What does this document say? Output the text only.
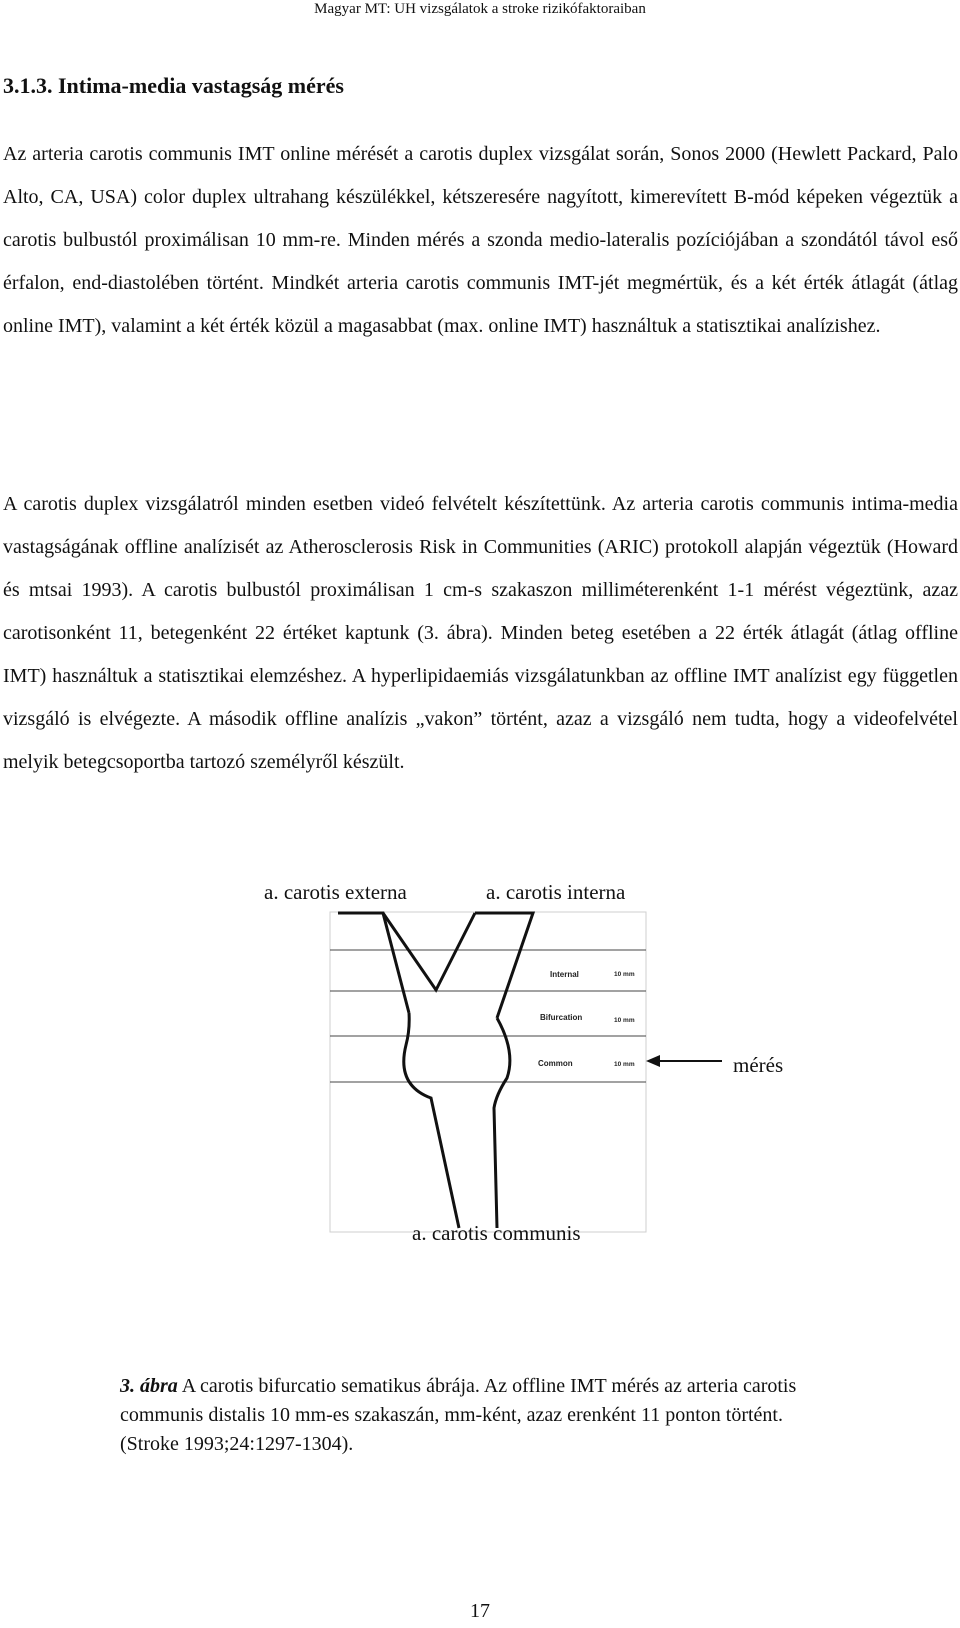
Magyar MT: UH vizsgálatok a stroke rizikófaktoraiban
3.1.3. Intima-media vastagság mérés

Az arteria carotis communis IMT online mérését a carotis duplex vizsgálat során, Sonos 2000 (Hewlett Packard, Palo Alto, CA, USA) color duplex ultrahang készülékkel, kétszeresére nagyított, kimerevített B-mód képeken végeztük a carotis bulbustól proximálisan 10 mm-re. Minden mérés a szonda medio-lateralis pozíciójában a szondától távol eső érfalon, end-diastolében történt. Mindkét arteria carotis communis IMT-jét megmértük, és a két érték átlagát (átlag online IMT), valamint a két érték közül a magasabbat (max. online IMT) használtuk a statisztikai analízishez.

A carotis duplex vizsgálatról minden esetben videó felvételt készítettünk. Az arteria carotis communis intima-media vastagságának offline analízisét az Atherosclerosis Risk in Communities (ARIC) protokoll alapján végeztük (Howard és mtsai 1993). A carotis bulbustól proximálisan 1 cm-s szakaszon milliméterenként 1-1 mérést végeztünk, azaz carotisonként 11, betegenként 22 értéket kaptunk (3. ábra). Minden beteg esetében a 22 érték átlagát (átlag offline IMT) használtuk a statisztikai elemzéshez. A hyperlipidaemiás vizsgálatunkban az offline IMT analízist egy független vizsgáló is elvégezte. A második offline analízis „vakon” történt, azaz a vizsgáló nem tudta, hogy a videofelvétel melyik betegcsoportba tartozó személyről készült.

Internal
Bifurcation
Common
10 mm
10 mm
10 mm
a. carotis externa	a. carotis interna
mérés
a. carotis communis
3. ábra A carotis bifurcatio sematikus ábrája. Az offline IMT mérés az arteria carotis communis distalis 10 mm-es szakaszán, mm-ként, azaz erenként 11 ponton történt. (Stroke 1993;24:1297-1304).
17
